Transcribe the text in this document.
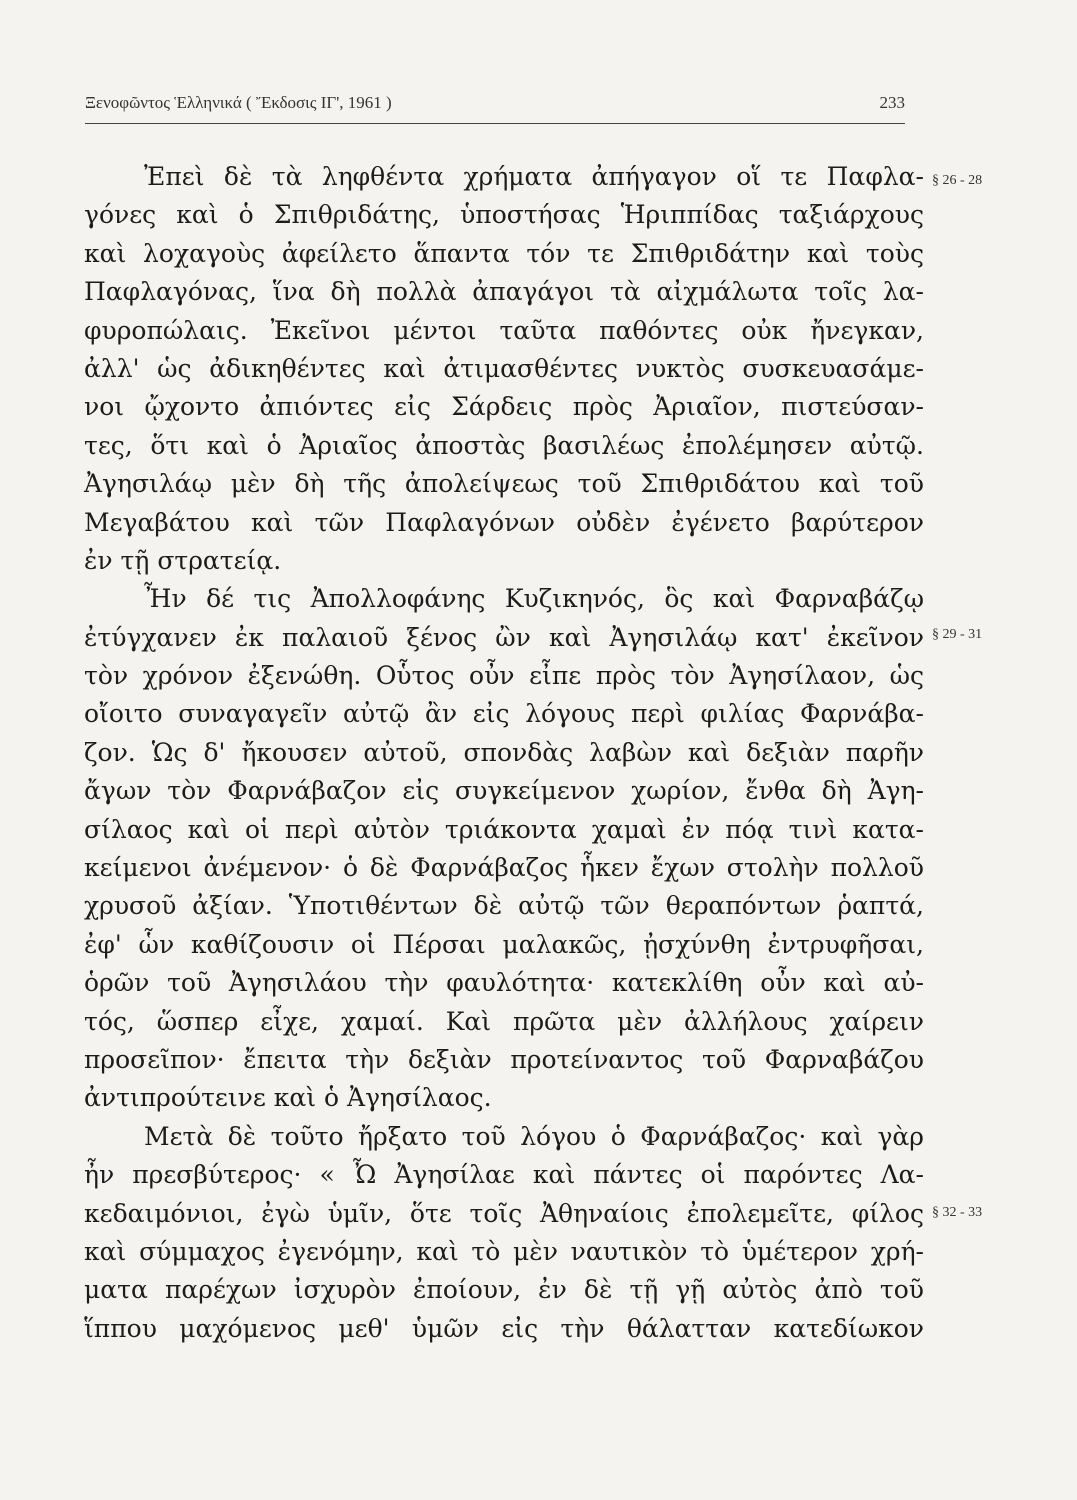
Ξενοφῶντος Ἑλληνικά ( Ἔκδοσις ΙΓ', 1961 )	233
§ 26 - 28
§ 29 - 31
§ 32 - 33
Ἐπεὶ δὲ τὰ ληφθέντα χρήματα ἀπήγαγον οἵ τε Παφλα-
γόνες καὶ ὁ Σπιθριδάτης, ὑποστήσας Ἡριππίδας ταξιάρχους
καὶ λοχαγοὺς ἀφείλετο ἅπαντα τόν τε Σπιθριδάτην καὶ τοὺς
Παφλαγόνας, ἵνα δὴ πολλὰ ἀπαγάγοι τὰ αἰχμάλωτα τοῖς λα-
φυροπώλαις. Ἐκεῖνοι μέντοι ταῦτα παθόντες οὐκ ἤνεγκαν,
ἀλλ' ὡς ἀδικηθέντες καὶ ἀτιμασθέντες νυκτὸς συσκευασάμε-
νοι ᾤχοντο ἀπιόντες εἰς Σάρδεις πρὸς Ἀριαῖον, πιστεύσαν-
τες, ὅτι καὶ ὁ Ἀριαῖος ἀποστὰς βασιλέως ἐπολέμησεν αὐτῷ.
Ἀγησιλάῳ μὲν δὴ τῆς ἀπολείψεως τοῦ Σπιθριδάτου καὶ τοῦ
Μεγαβάτου καὶ τῶν Παφλαγόνων οὐδὲν ἐγένετο βαρύτερον
ἐν τῇ στρατείᾳ.
Ἦν δέ τις Ἀπολλοφάνης Κυζικηνός, ὃς καὶ Φαρναβάζῳ
ἐτύγχανεν ἐκ παλαιοῦ ξένος ὢν καὶ Ἀγησιλάῳ κατ' ἐκεῖνον
τὸν χρόνον ἐξενώθη. Οὗτος οὖν εἶπε πρὸς τὸν Ἀγησίλαον, ὡς
οἴοιτο συναγαγεῖν αὐτῷ ἂν εἰς λόγους περὶ φιλίας Φαρνάβα-
ζον. Ὡς δ' ἤκουσεν αὐτοῦ, σπονδὰς λαβὼν καὶ δεξιὰν παρῆν
ἄγων τὸν Φαρνάβαζον εἰς συγκείμενον χωρίον, ἔνθα δὴ Ἀγη-
σίλαος καὶ οἱ περὶ αὐτὸν τριάκοντα χαμαὶ ἐν πόᾳ τινὶ κατα-
κείμενοι ἀνέμενον· ὁ δὲ Φαρνάβαζος ἧκεν ἔχων στολὴν πολλοῦ
χρυσοῦ ἀξίαν. Ὑποτιθέντων δὲ αὐτῷ τῶν θεραπόντων ῥαπτά,
ἐφ' ὧν καθίζουσιν οἱ Πέρσαι μαλακῶς, ᾐσχύνθη ἐντρυφῆσαι,
ὁρῶν τοῦ Ἀγησιλάου τὴν φαυλότητα· κατεκλίθη οὖν καὶ αὐ-
τός, ὥσπερ εἶχε, χαμαί. Καὶ πρῶτα μὲν ἀλλήλους χαίρειν
προσεῖπον· ἔπειτα τὴν δεξιὰν προτείναντος τοῦ Φαρναβάζου
ἀντιπρούτεινε καὶ ὁ Ἀγησίλαος.
Μετὰ δὲ τοῦτο ἤρξατο τοῦ λόγου ὁ Φαρνάβαζος· καὶ γὰρ
ἦν πρεσβύτερος· « Ὦ Ἀγησίλαε καὶ πάντες οἱ παρόντες Λα-
κεδαιμόνιοι, ἐγὼ ὑμῖν, ὅτε τοῖς Ἀθηναίοις ἐπολεμεῖτε, φίλος
καὶ σύμμαχος ἐγενόμην, καὶ τὸ μὲν ναυτικὸν τὸ ὑμέτερον χρή-
ματα παρέχων ἰσχυρὸν ἐποίουν, ἐν δὲ τῇ γῇ αὐτὸς ἀπὸ τοῦ
ἵππου μαχόμενος μεθ' ὑμῶν εἰς τὴν θάλατταν κατεδίωκον
